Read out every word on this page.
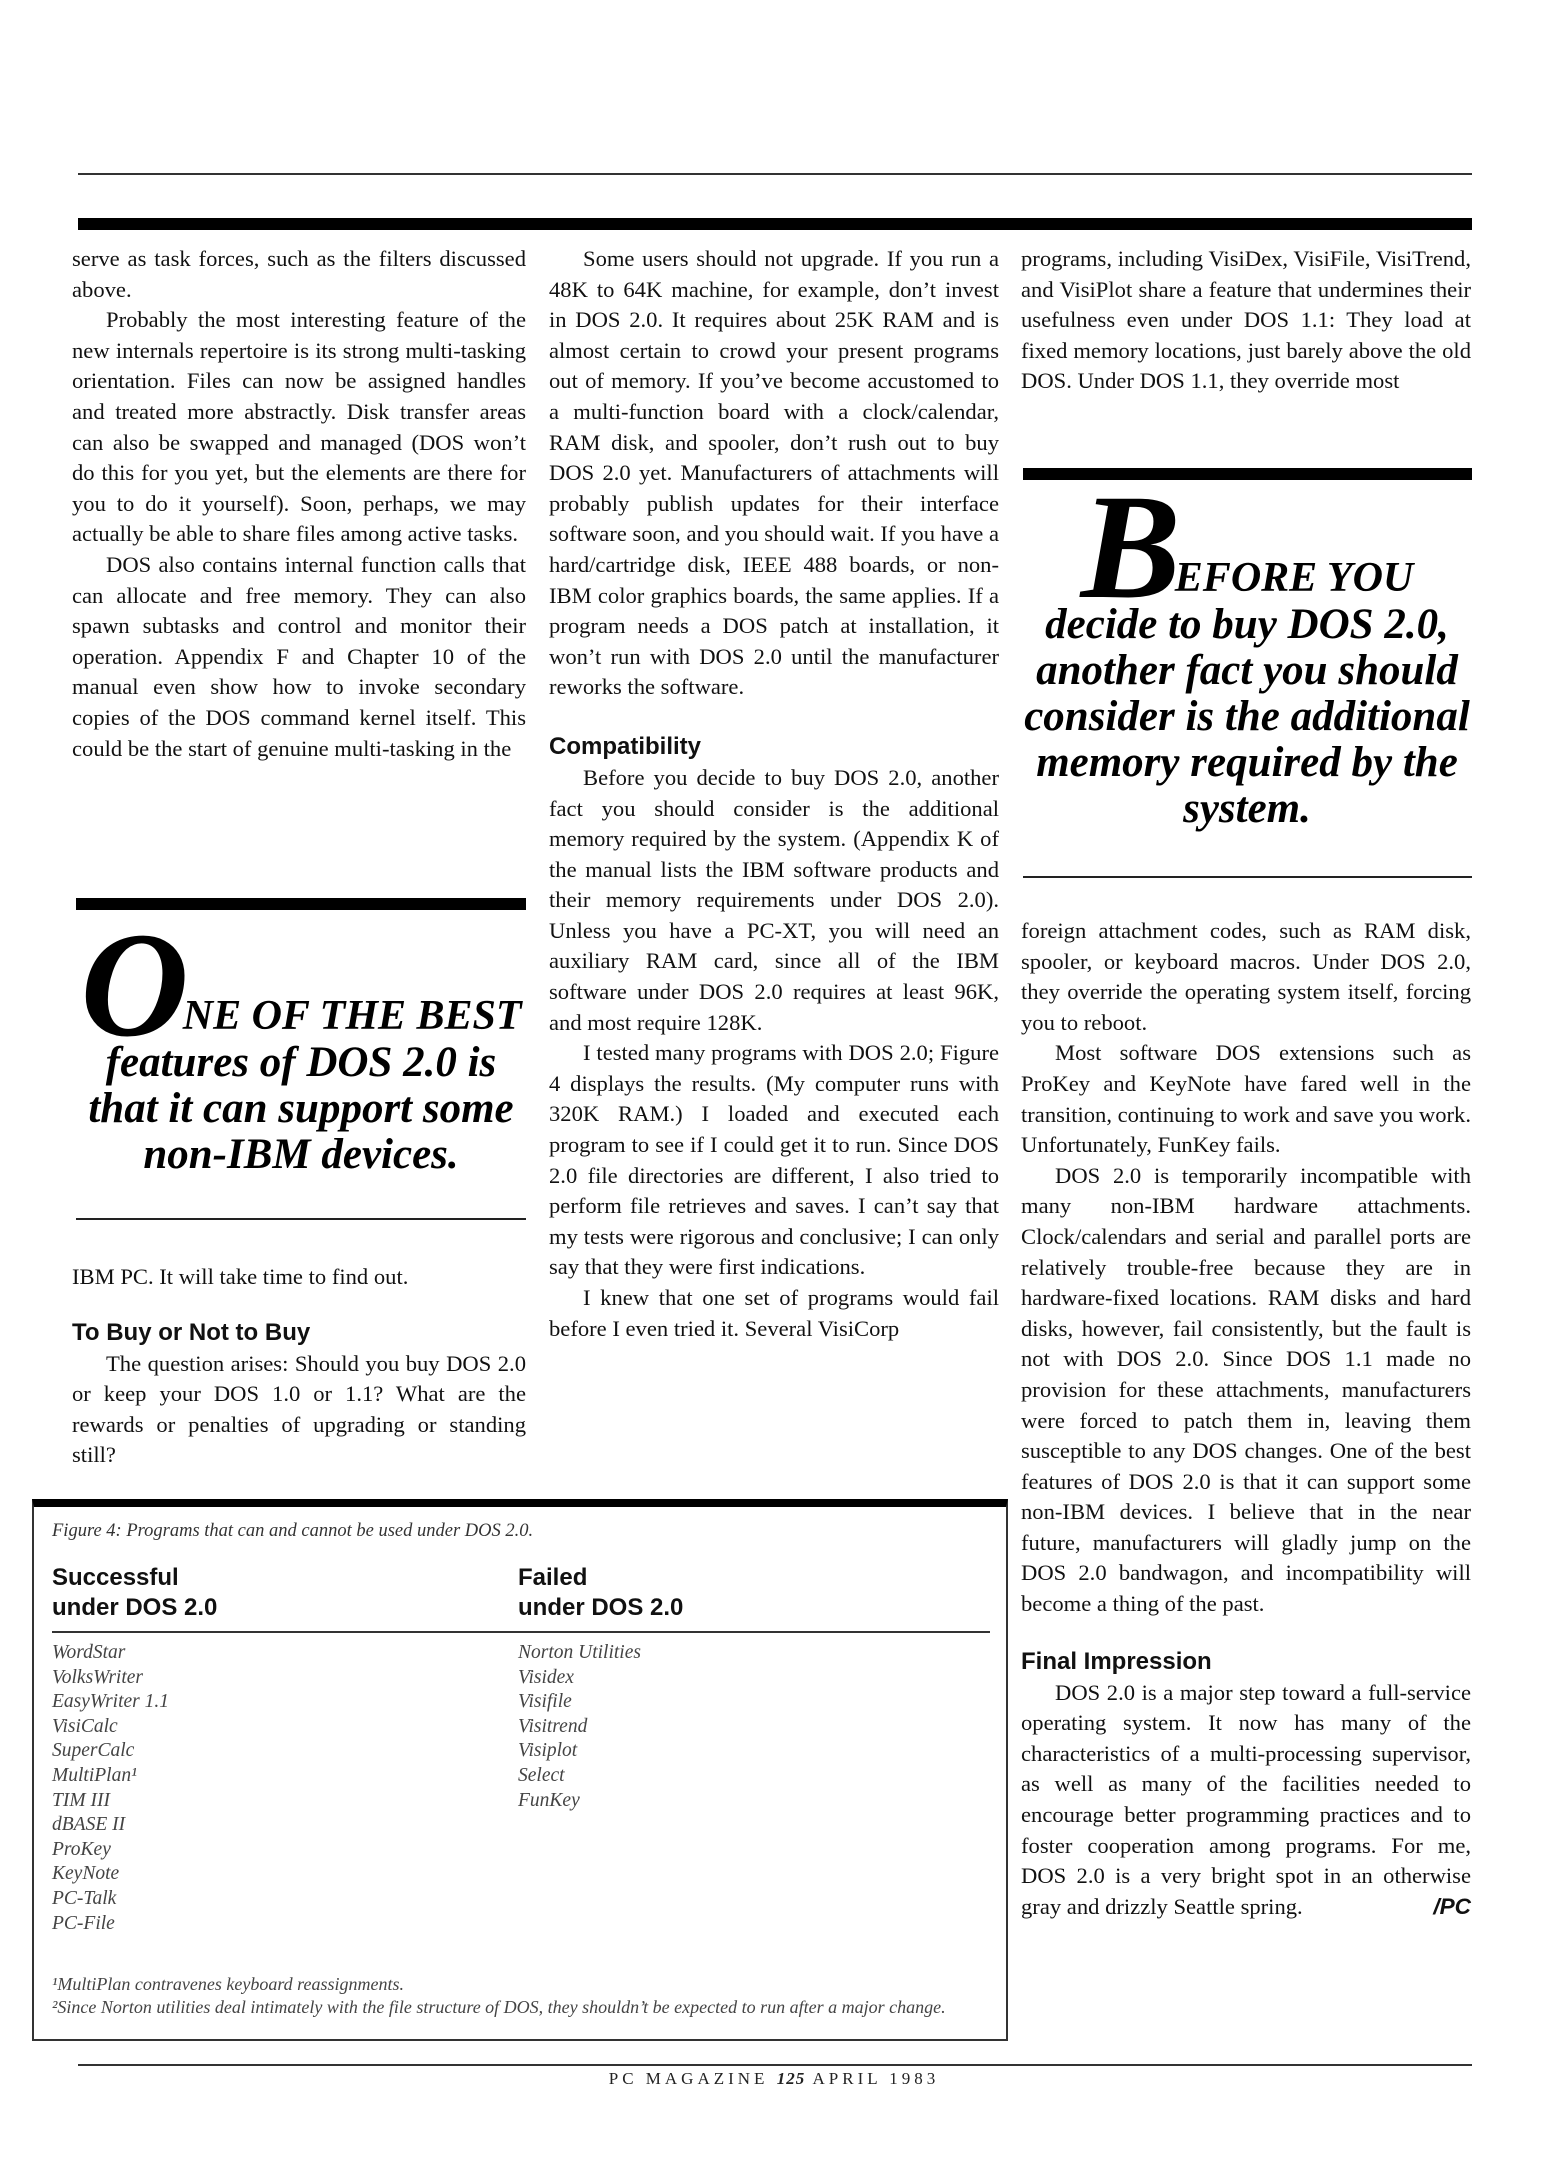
serve as task forces, such as the filters discussed above.

Probably the most interesting feature of the new internals repertoire is its strong multi-tasking orientation. Files can now be assigned handles and treated more abstractly. Disk transfer areas can also be swapped and managed (DOS won’t do this for you yet, but the elements are there for you to do it yourself). Soon, perhaps, we may actually be able to share files among active tasks.

DOS also contains internal function calls that can allocate and free memory. They can also spawn subtasks and control and monitor their operation. Appendix F and Chapter 10 of the manual even show how to invoke secondary copies of the DOS command kernel itself. This could be the start of genuine multi-tasking in the

ONE OF THE BEST
features of DOS 2.0 is that it can support some non-IBM devices.

IBM PC. It will take time to find out.

To Buy or Not to Buy

The question arises: Should you buy DOS 2.0 or keep your DOS 1.0 or 1.1? What are the rewards or penalties of upgrading or standing still?

Some users should not upgrade. If you run a 48K to 64K machine, for example, don’t invest in DOS 2.0. It requires about 25K RAM and is almost certain to crowd your present programs out of memory. If you’ve become accustomed to a multi-function board with a clock/calendar, RAM disk, and spooler, don’t rush out to buy DOS 2.0 yet. Manufacturers of attachments will probably publish updates for their interface software soon, and you should wait. If you have a hard/cartridge disk, IEEE 488 boards, or non-IBM color graphics boards, the same applies. If a program needs a DOS patch at installation, it won’t run with DOS 2.0 until the manufacturer reworks the software.

Compatibility

Before you decide to buy DOS 2.0, another fact you should consider is the additional memory required by the system. (Appendix K of the manual lists the IBM software products and their memory requirements under DOS 2.0). Unless you have a PC-XT, you will need an auxiliary RAM card, since all of the IBM software under DOS 2.0 requires at least 96K, and most require 128K.

I tested many programs with DOS 2.0; Figure 4 displays the results. (My computer runs with 320K RAM.) I loaded and executed each program to see if I could get it to run. Since DOS 2.0 file directories are different, I also tried to perform file retrieves and saves. I can’t say that my tests were rigorous and conclusive; I can only say that they were first indications.

I knew that one set of programs would fail before I even tried it. Several VisiCorp

programs, including VisiDex, VisiFile, VisiTrend, and VisiPlot share a feature that undermines their usefulness even under DOS 1.1: They load at fixed memory locations, just barely above the old DOS. Under DOS 1.1, they override most

BEFORE YOU
decide to buy DOS 2.0, another fact you should consider is the additional memory required by the system.

foreign attachment codes, such as RAM disk, spooler, or keyboard macros. Under DOS 2.0, they override the operating system itself, forcing you to reboot.

Most software DOS extensions such as ProKey and KeyNote have fared well in the transition, continuing to work and save you work. Unfortunately, FunKey fails.

DOS 2.0 is temporarily incompatible with many non-IBM hardware attachments. Clock/calendars and serial and parallel ports are relatively trouble-free because they are in hardware-fixed locations. RAM disks and hard disks, however, fail consistently, but the fault is not with DOS 2.0. Since DOS 1.1 made no provision for these attachments, manufacturers were forced to patch them in, leaving them susceptible to any DOS changes. One of the best features of DOS 2.0 is that it can support some non-IBM devices. I believe that in the near future, manufacturers will gladly jump on the DOS 2.0 bandwagon, and incompatibility will become a thing of the past.

Final Impression

DOS 2.0 is a major step toward a full-service operating system. It now has many of the characteristics of a multi-processing supervisor, as well as many of the facilities needed to encourage better programming practices and to foster cooperation among programs. For me, DOS 2.0 is a very bright spot in an otherwise gray and drizzly Seattle spring.	/PC

Figure 4: Programs that can and cannot be used under DOS 2.0.
Successful
under DOS 2.0
Failed
under DOS 2.0
WordStar
VolksWriter
EasyWriter 1.1
VisiCalc
SuperCalc
MultiPlan¹
TIM III
dBASE II
ProKey
KeyNote
PC-Talk
PC-File
Norton Utilities
Visidex
Visifile
Visitrend
Visiplot
Select
FunKey
¹MultiPlan contravenes keyboard reassignments.
²Since Norton utilities deal intimately with the file structure of DOS, they shouldn’t be expected to run after a major change.
PC MAGAZINE 125 APRIL 1983
